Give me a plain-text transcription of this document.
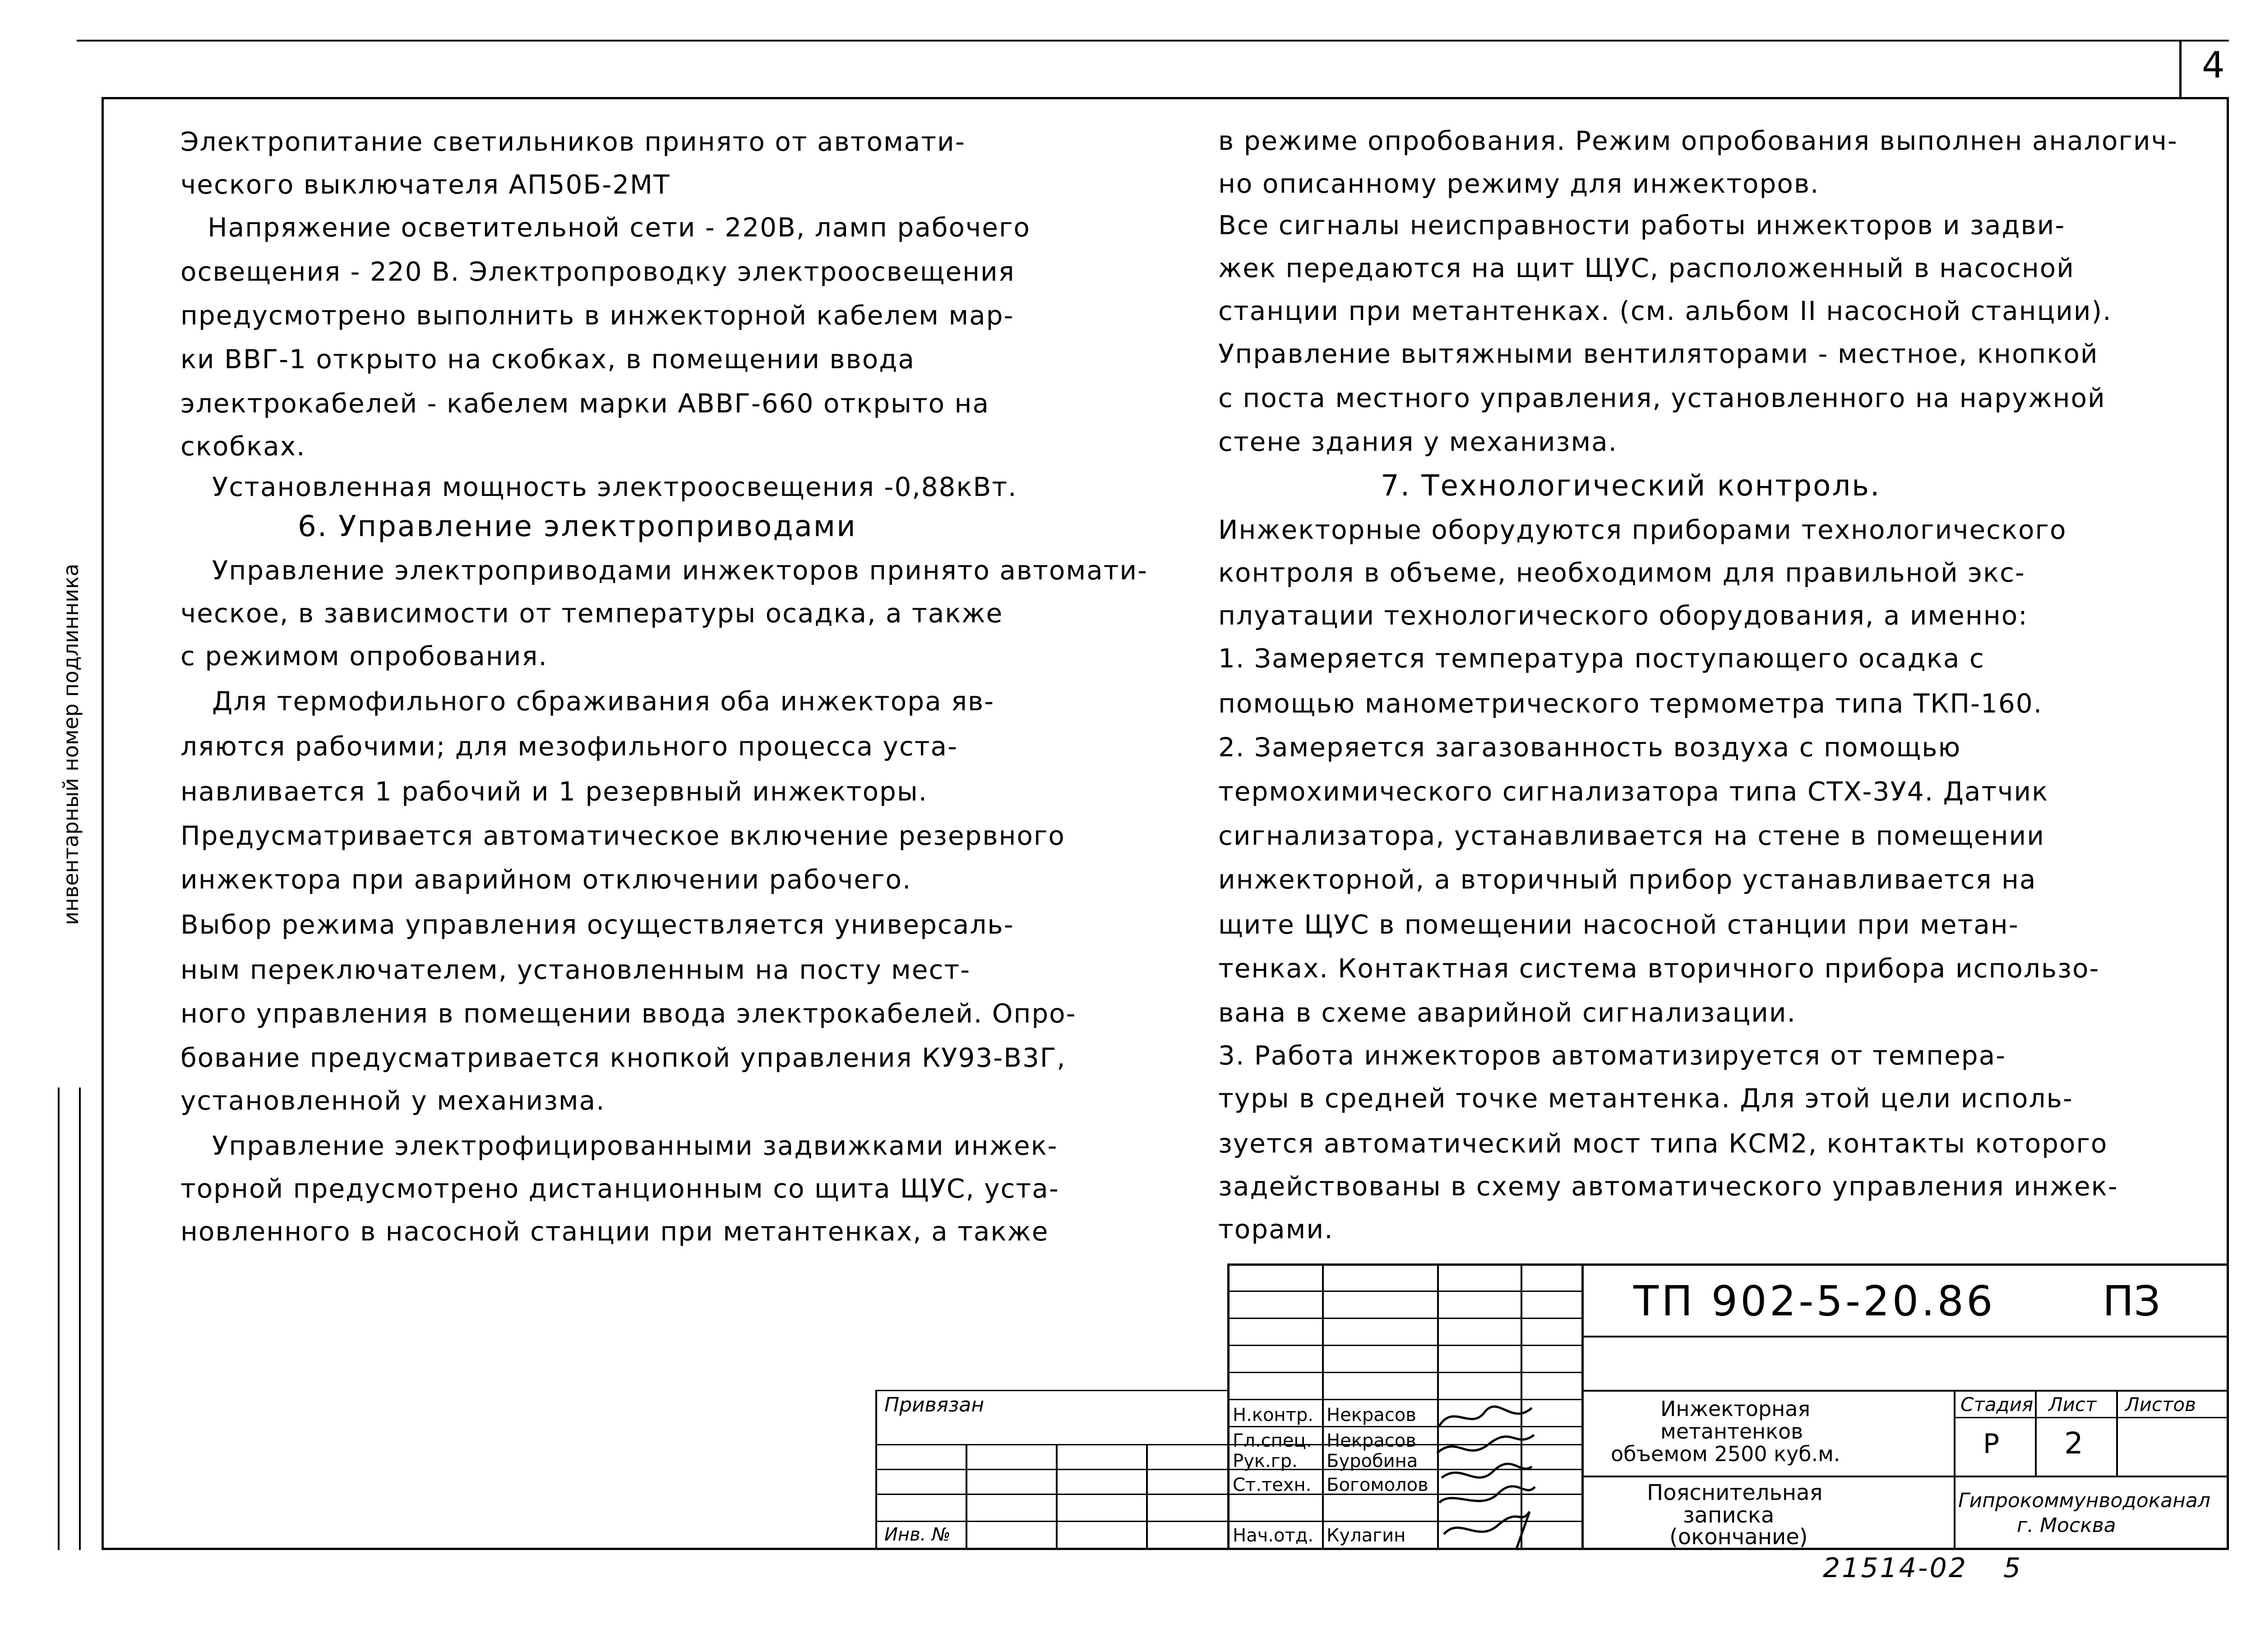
4
инвентарный номер подлинника
Электропитание светильников принято от автомати-
ческого выключателя АП50Б-2МТ
Напряжение осветительной сети - 220В, ламп рабочего
освещения - 220 В. Электропроводку электроосвещения
предусмотрено выполнить в инжекторной кабелем мар-
ки ВВГ-1 открыто на скобках, в помещении ввода
электрокабелей - кабелем марки АВВГ-660 открыто на
скобках.
Установленная мощность электроосвещения -0,88кВт.
6. Управление электроприводами
Управление электроприводами инжекторов принято автомати-
ческое, в зависимости от температуры осадка, а также
с режимом опробования.
Для термофильного сбраживания оба инжектора яв-
ляются рабочими; для мезофильного процесса уста-
навливается 1 рабочий и 1 резервный инжекторы.
Предусматривается автоматическое включение резервного
инжектора при аварийном отключении рабочего.
Выбор режима управления осуществляется универсаль-
ным переключателем, установленным на посту мест-
ного управления в помещении ввода электрокабелей. Опро-
бование предусматривается кнопкой управления КУ93-В3Г,
установленной у механизма.
Управление электрофицированными задвижками инжек-
торной предусмотрено дистанционным со щита ЩУС, уста-
новленного в насосной станции при метантенках, а также
в режиме опробования. Режим опробования выполнен аналогич-
но описанному режиму для инжекторов.
Все сигналы неисправности работы инжекторов и задви-
жек передаются на щит ЩУС, расположенный в насосной
станции при метантенках. (см. альбом II насосной станции).
Управление вытяжными вентиляторами - местное, кнопкой
с поста местного управления, установленного на наружной
стене здания у механизма.
7. Технологический контроль.
Инжекторные оборудуются приборами технологического
контроля в объеме, необходимом для правильной экс-
плуатации технологического оборудования, а именно:
1. Замеряется температура поступающего осадка с
помощью манометрического термометра типа ТКП-160.
2. Замеряется загазованность воздуха с помощью
термохимического сигнализатора типа СТХ-3У4. Датчик
сигнализатора, устанавливается на стене в помещении
инжекторной, а вторичный прибор устанавливается на
щите ЩУС в помещении насосной станции при метан-
тенках. Контактная система вторичного прибора использо-
вана в схеме аварийной сигнализации.
3. Работа инжекторов автоматизируется от темпера-
туры в средней точке метантенка. Для этой цели исполь-
зуется автоматический мост типа КСМ2, контакты которого
задействованы в схему автоматического управления инжек-
торами.
ТП 902-5-20.86	ПЗ
Привязан
Инв. №
Н.контр. Некрасов
Гл.спец. Некрасов
Рук.гр. Буробина
Ст.техн. Богомолов
Нач.отд. Кулагин
Инжекторная
метантенков
объемом 2500 куб.м.
Стадия Лист Листов
Р 2
Пояснительная
записка
(окончание)
Гипрокоммунводоканал
г. Москва
21514-02 5
